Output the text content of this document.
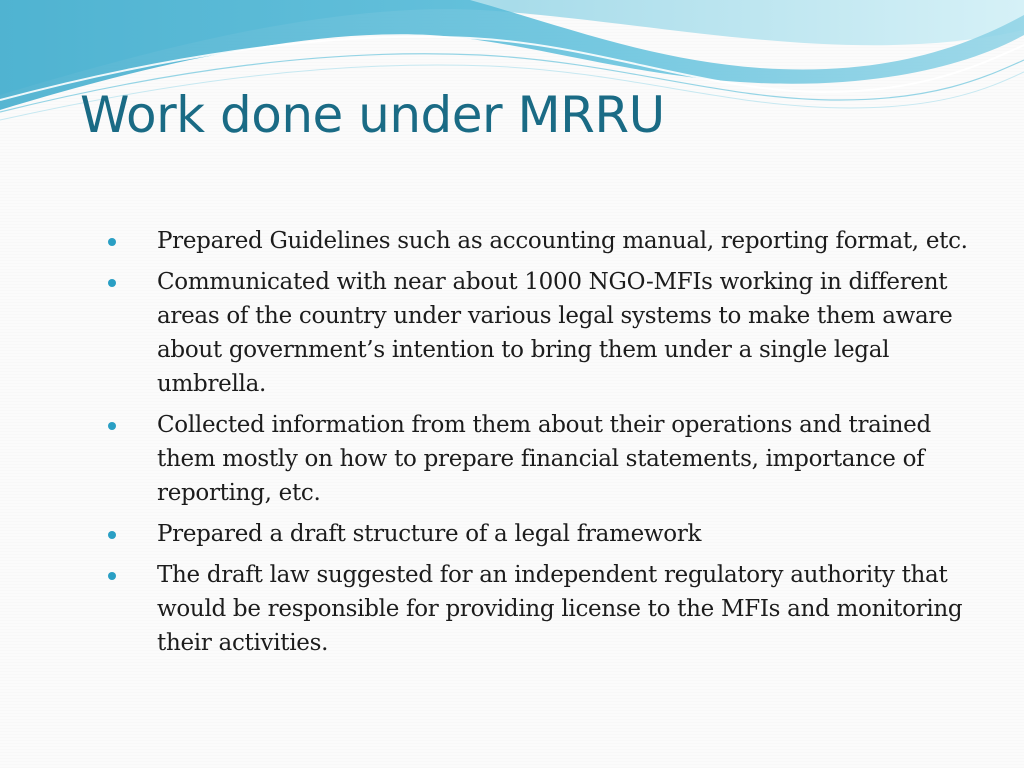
Work done under MRRU
Prepared Guidelines such as accounting manual, reporting format, etc.
Communicated with near about 1000 NGO-MFIs working in different areas of the country under various legal systems to make them aware about government’s intention to bring them under a single legal umbrella.
Collected information from them about their operations and trained them mostly on how to prepare financial statements, importance of reporting, etc.
Prepared a draft structure of a legal framework
The draft law suggested for an independent regulatory authority that would be responsible for providing license to the MFIs and monitoring their activities.
